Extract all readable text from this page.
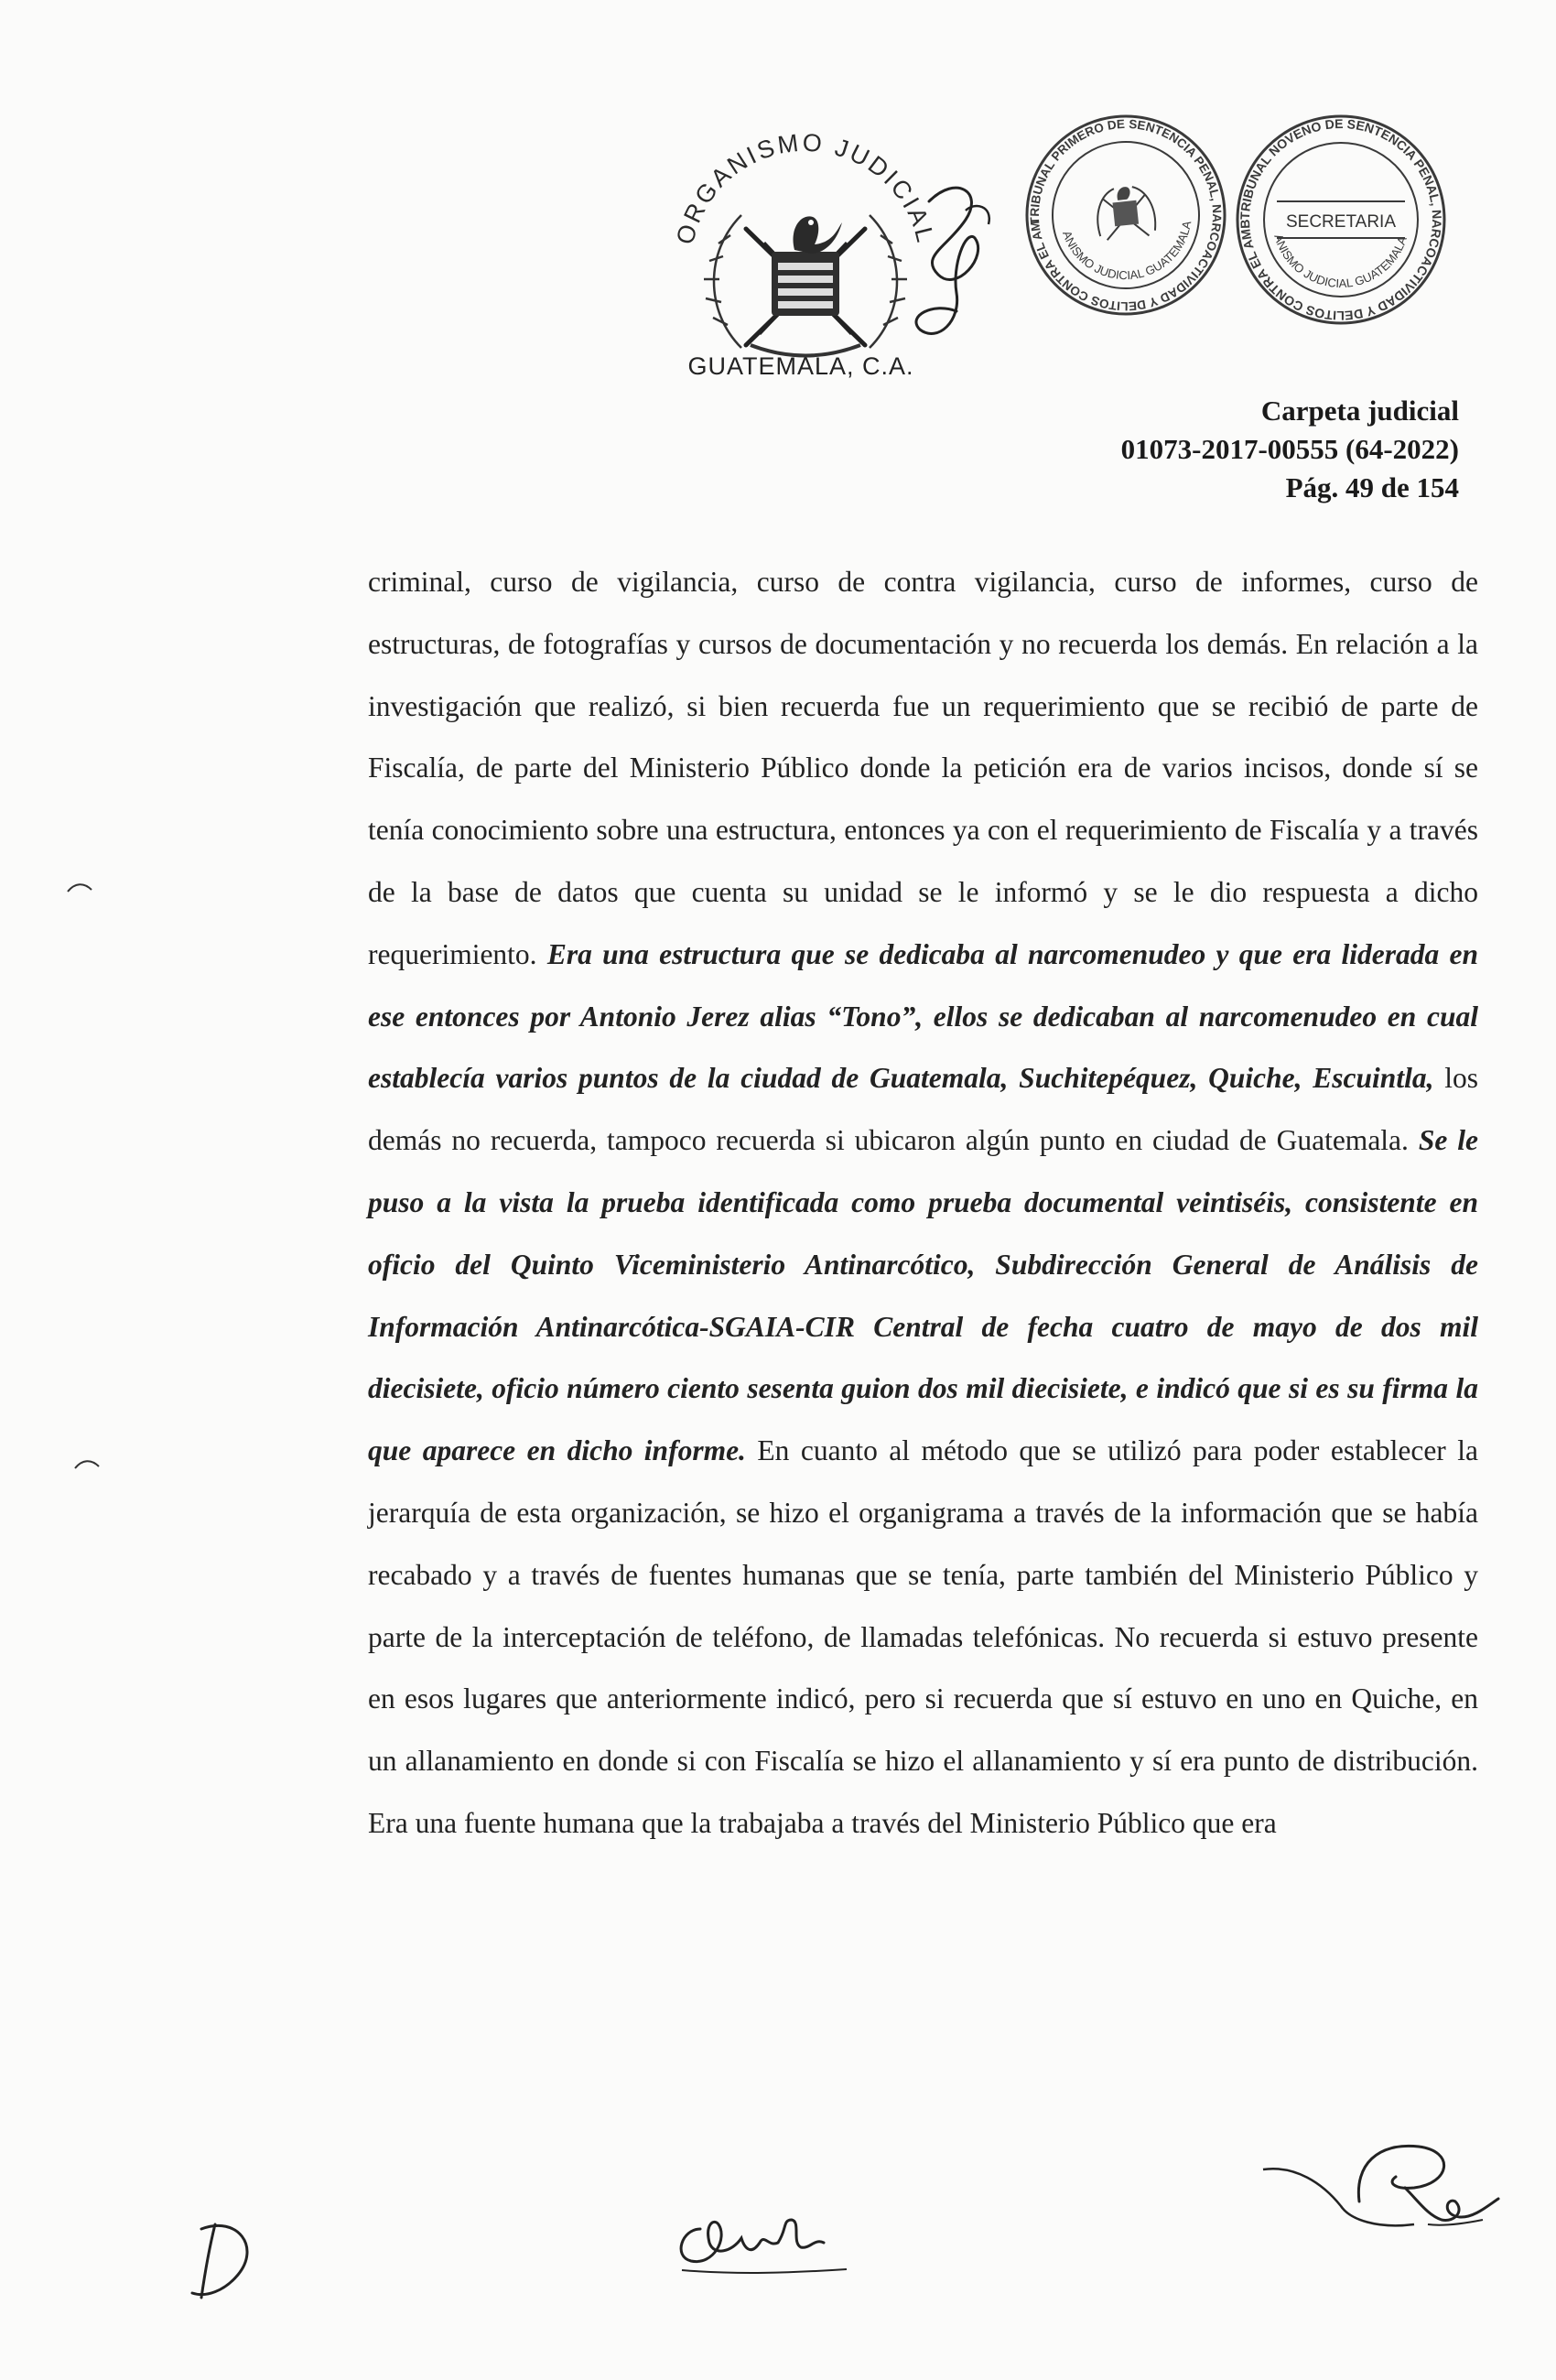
ORGANISMO JUDICIAL
GUATEMALA, C.A.
TRIBUNAL PRIMERO DE SENTENCIA PENAL, NARCOACTIVIDAD Y DELITOS CONTRA EL AMBIENTE, GUATEMALA
ORGANISMO JUDICIAL GUATEMALA, C.A.
TRIBUNAL NOVENO DE SENTENCIA PENAL, NARCOACTIVIDAD Y DELITOS CONTRA EL AMB	SECRETARIA
ANISMO JUDICIAL GUATEMALA
Carpeta judicial
01073-2017-00555 (64-2022)
Pág. 49 de 154

criminal, curso de vigilancia, curso de contra vigilancia, curso de informes, curso de estructuras, de fotografías y cursos de documentación y no recuerda los demás. En relación a la investigación que realizó, si bien recuerda fue un requerimiento que se recibió de parte de Fiscalía, de parte del Ministerio Público donde la petición era de varios incisos, donde sí se tenía conocimiento sobre una estructura, entonces ya con el requerimiento de Fiscalía y a través de la base de datos que cuenta su unidad se le informó y se le dio respuesta a dicho requerimiento. Era una estructura que se dedicaba al narcomenudeo y que era liderada en ese entonces por Antonio Jerez alias “Tono”, ellos se dedicaban al narcomenudeo en cual establecía varios puntos de la ciudad de Guatemala, Suchitepéquez, Quiche, Escuintla, los demás no recuerda, tampoco recuerda si ubicaron algún punto en ciudad de Guatemala. Se le puso a la vista la prueba identificada como prueba documental veintiséis, consistente en oficio del Quinto Viceministerio Antinarcótico, Subdirección General de Análisis de Información Antinarcótica-SGAIA-CIR Central de fecha cuatro de mayo de dos mil diecisiete, oficio número ciento sesenta guion dos mil diecisiete, e indicó que si es su firma la que aparece en dicho informe. En cuanto al método que se utilizó para poder establecer la jerarquía de esta organización, se hizo el organigrama a través de la información que se había recabado y a través de fuentes humanas que se tenía, parte también del Ministerio Público y parte de la interceptación de teléfono, de llamadas telefónicas. No recuerda si estuvo presente en esos lugares que anteriormente indicó, pero si recuerda que sí estuvo en uno en Quiche, en un allanamiento en donde si con Fiscalía se hizo el allanamiento y sí era punto de distribución. Era una fuente humana que la trabajaba a través del Ministerio Público que era
